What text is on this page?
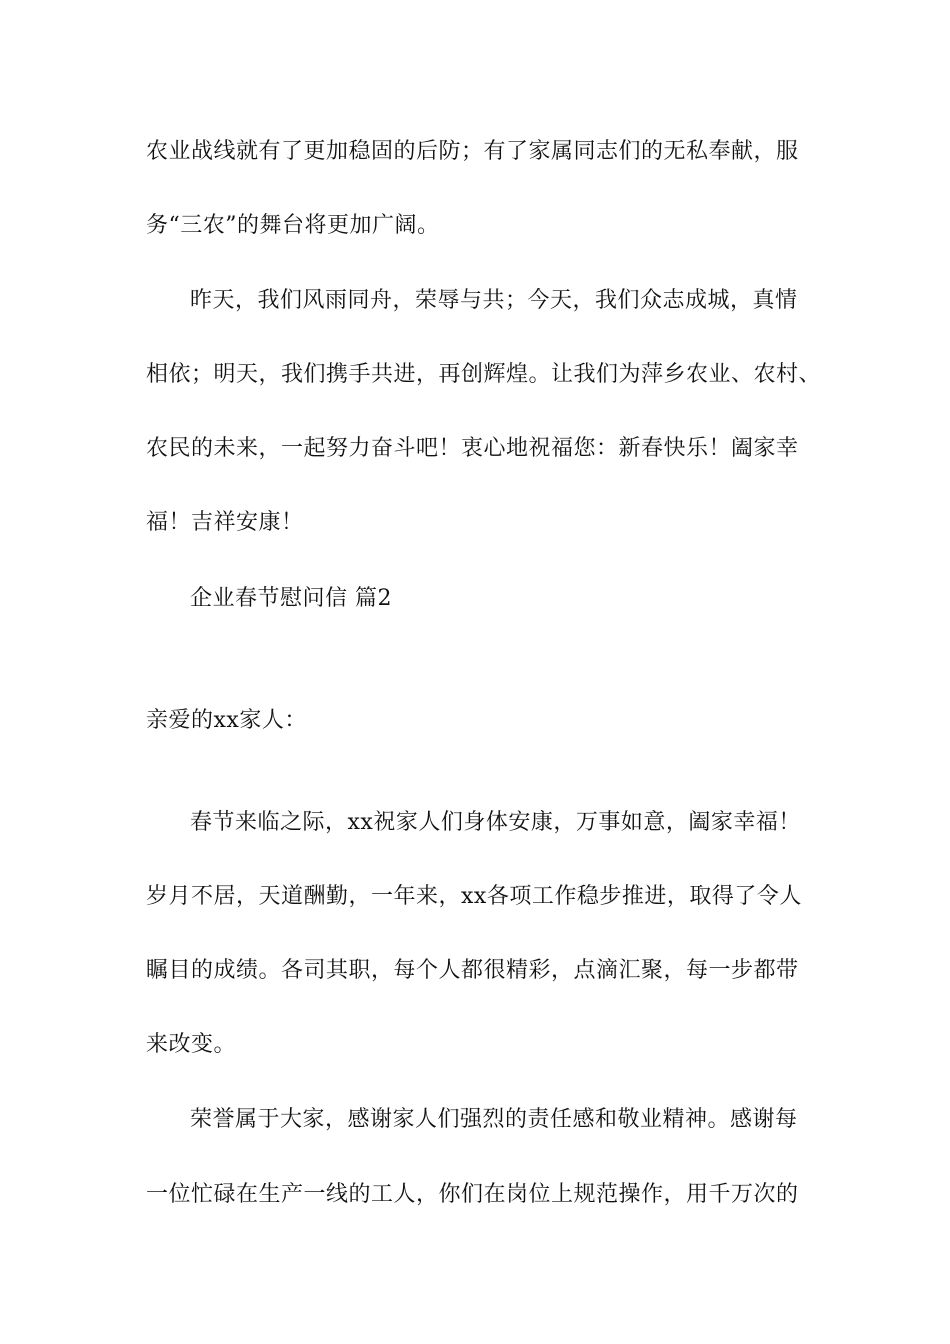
农业战线就有了更加稳固的后防；有了家属同志们的无私奉献，服
务“三农”的舞台将更加广阔。
昨天，我们风雨同舟，荣辱与共；今天，我们众志成城，真情
相依；明天，我们携手共进，再创辉煌。让我们为萍乡农业、农村、
农民的未来，一起努力奋斗吧！衷心地祝福您：新春快乐！阖家幸
福！吉祥安康！
企业春节慰问信 篇2
亲爱的xx家人：
春节来临之际，xx祝家人们身体安康，万事如意，阖家幸福！
岁月不居，天道酬勤，一年来，xx各项工作稳步推进，取得了令人
瞩目的成绩。各司其职，每个人都很精彩，点滴汇聚，每一步都带
来改变。
荣誉属于大家，感谢家人们强烈的责任感和敬业精神。感谢每
一位忙碌在生产一线的工人，你们在岗位上规范操作，用千万次的
